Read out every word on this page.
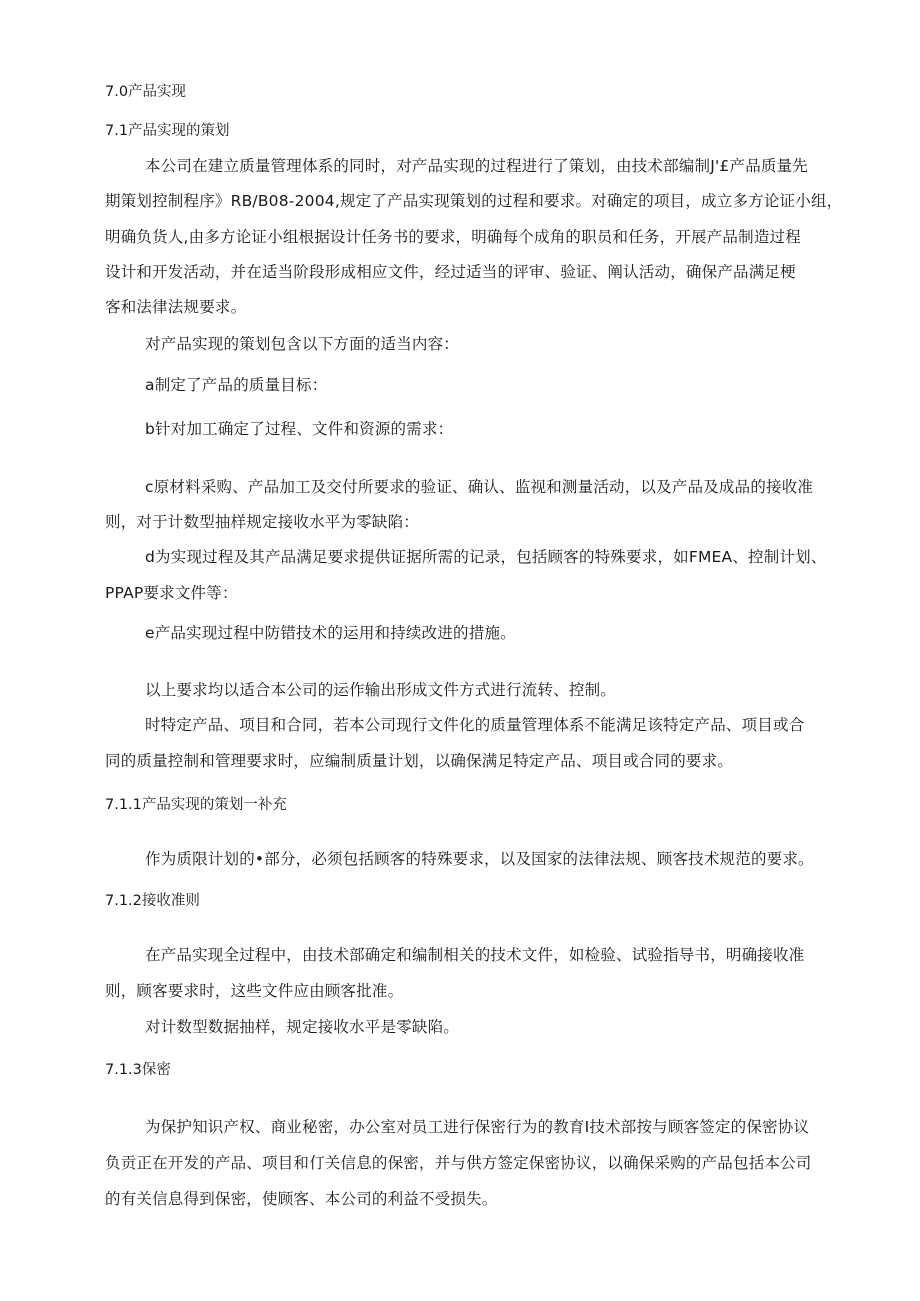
7.0产品实现
7.1产品实现的策划
本公司在建立质量管理体系的同时，对产品实现的过程进行了策划，由技术部编制J'£产品质量先
期策划控制程序》RB/B08-2004,规定了产品实现策划的过程和要求。对确定的项目，成立多方论证小组，
明确负货人,由多方论证小组根据设计任务书的要求，明确每个成角的职员和任务，开展产品制造过程
设计和开发活动，并在适当阶段形成相应文件，经过适当的评审、验证、阐认活动，确保产品满足梗
客和法律法规要求。
对产品实现的策划包含以下方面的适当内容：
a制定了产品的质量目标：
b针对加工确定了过程、文件和资源的需求：
c原材料采购、产品加工及交付所要求的验证、确认、监视和测量活动，以及产品及成品的接收准
则，对于计数型抽样规定接收水平为零缺陷：
d为实现过程及其产品满足要求提供证据所需的记录，包括顾客的特殊要求，如FMEA、控制计划、
PPAP要求文件等：
e产品实现过程中防错技术的运用和持续改进的措施。
以上要求均以适合本公司的运作输出形成文件方式进行流转、控制。
时特定产品、项目和合同，若本公司现行文件化的质量管理体系不能满足该特定产品、项目或合
同的质量控制和管理要求时，应编制质量计划，以确保满足特定产品、项目或合同的要求。
7.1.1产品实现的策划一补充
作为质限计划的•部分，必须包括顾客的特殊要求，以及国家的法律法规、顾客技术规范的要求。
7.1.2接收准则
在产品实现全过程中，由技术部确定和编制相关的技术文件，如检验、试验指导书，明确接收准
则，顾客要求时，这些文件应由顾客批准。
对计数型数据抽样，规定接收水平是零缺陷。
7.1.3保密
为保护知识产权、商业秘密，办公室对员工进行保密行为的教育I技术部按与顾客签定的保密协议
负贡正在开发的产品、项目和仃关信息的保密，并与供方签定保密协议，以确保采购的产品包括本公司
的有关信息得到保密，使顾客、本公司的利益不受损失。
